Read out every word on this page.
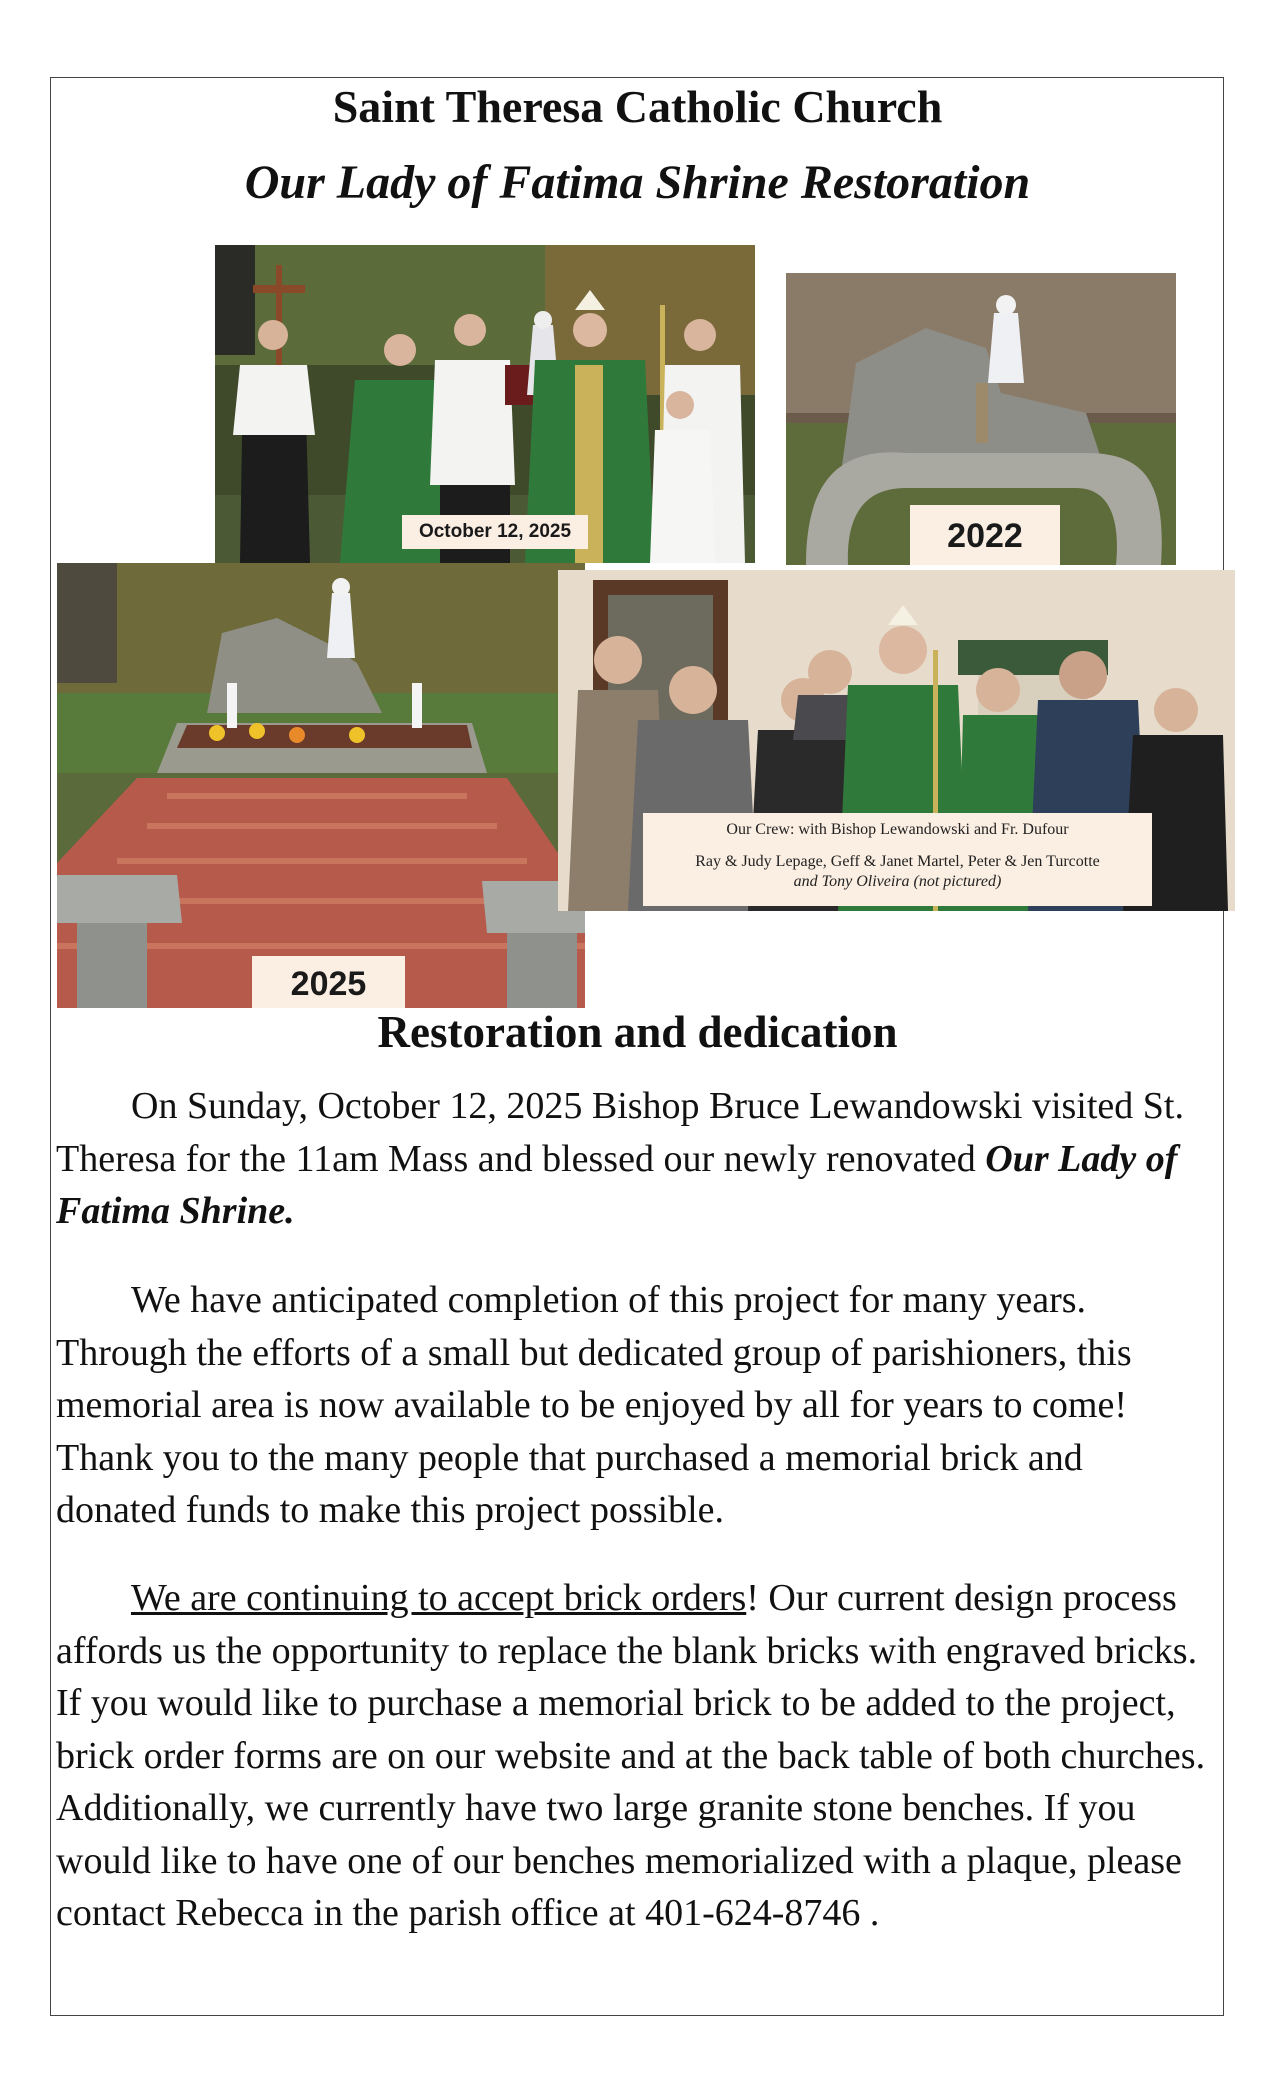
Saint Theresa Catholic Church
Our Lady of Fatima Shrine Restoration
October 12, 2025	2022
2025
Our Crew: with Bishop Lewandowski and Fr. Dufour
Ray & Judy Lepage, Geff & Janet Martel, Peter & Jen Turcotte
and Tony Oliveira (not pictured)
Restoration and dedication

On Sunday, October 12, 2025 Bishop Bruce Lewandowski visited St. Theresa for the 11am Mass and blessed our newly renovated Our Lady of Fatima Shrine.

We have anticipated completion of this project for many years. Through the efforts of a small but dedicated group of parishioners, this memorial area is now available to be enjoyed by all for years to come! Thank you to the many people that purchased a memorial brick and donated funds to make this project possible.

We are continuing to accept brick orders! Our current design process affords us the opportunity to replace the blank bricks with engraved bricks. If you would like to purchase a memorial brick to be added to the project, brick order forms are on our website and at the back table of both churches. Additionally, we currently have two large granite stone benches. If you would like to have one of our benches memorialized with a plaque, please contact Rebecca in the parish office at 401-624-8746 .
